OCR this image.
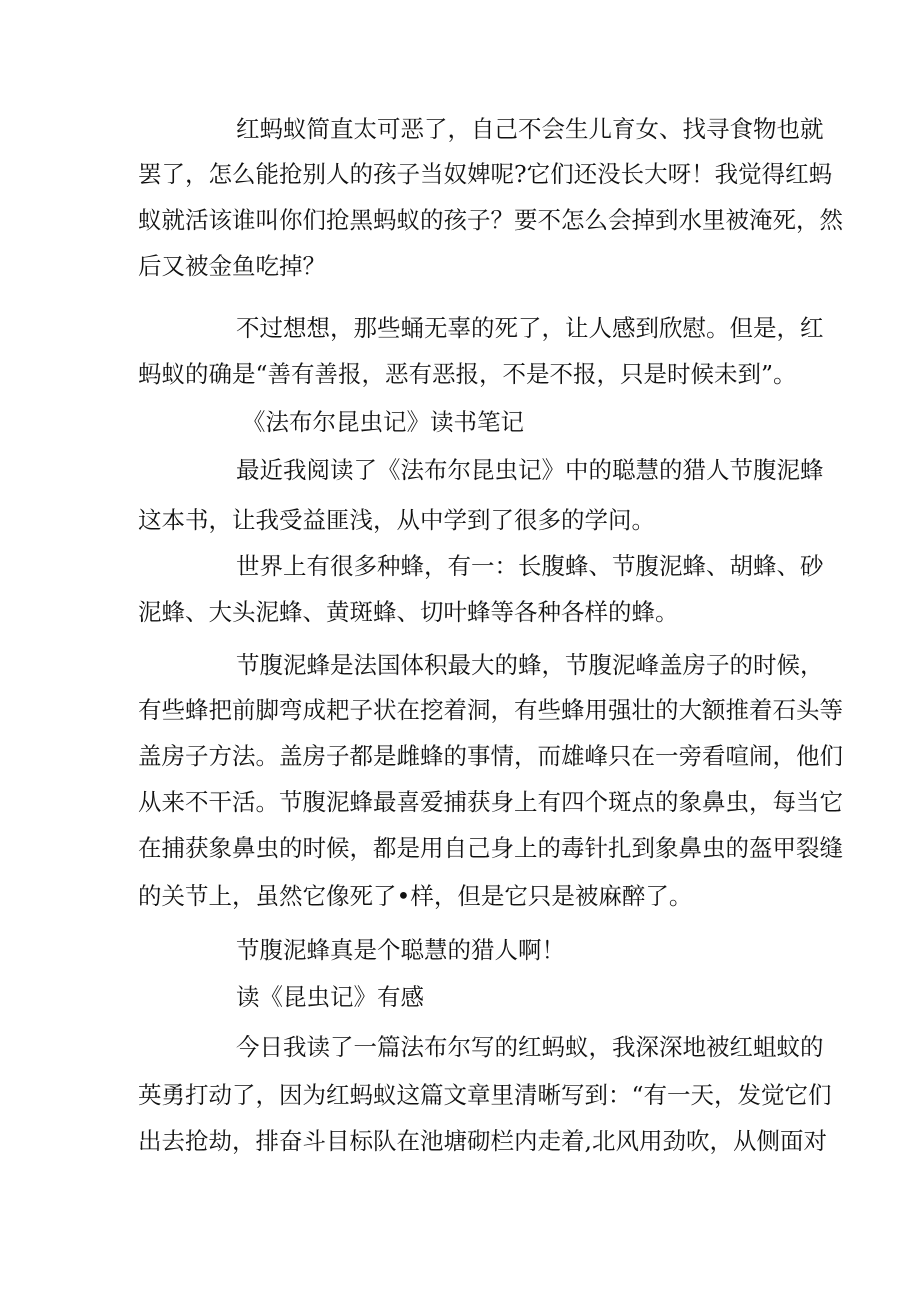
红蚂蚁简直太可恶了，自己不会生儿育女、找寻食物也就

罢了，怎么能抢别人的孩子当奴婢呢?它们还没长大呀！我觉得红蚂

蚁就活该谁叫你们抢黑蚂蚁的孩子？要不怎么会掉到水里被淹死，然

后又被金鱼吃掉？

不过想想，那些蛹无辜的死了，让人感到欣慰。但是，红

蚂蚁的确是“善有善报，恶有恶报，不是不报，只是时候未到”。

《法布尔昆虫记》读书笔记

最近我阅读了《法布尔昆虫记》中的聪慧的猎人节腹泥蜂

这本书，让我受益匪浅，从中学到了很多的学问。

世界上有很多种蜂，有一：长腹蜂、节腹泥蜂、胡蜂、砂

泥蜂、大头泥蜂、黄斑蜂、切叶蜂等各种各样的蜂。

节腹泥蜂是法国体积最大的蜂，节腹泥峰盖房子的时候，

有些蜂把前脚弯成耙子状在挖着洞，有些蜂用强壮的大额推着石头等

盖房子方法。盖房子都是雌蜂的事情，而雄峰只在一旁看喧闹，他们

从来不干活。节腹泥蜂最喜爱捕获身上有四个斑点的象鼻虫，每当它

在捕获象鼻虫的时候，都是用自己身上的毒针扎到象鼻虫的盔甲裂缝

的关节上，虽然它像死了•样，但是它只是被麻醉了。

节腹泥蜂真是个聪慧的猎人啊！

读《昆虫记》有感

今日我读了一篇法布尔写的红蚂蚁，我深深地被红蛆蚊的

英勇打动了，因为红蚂蚁这篇文章里清晰写到：“有一天，发觉它们

出去抢劫，排奋斗目标队在池塘砌栏内走着,北风用劲吹，从侧面对
